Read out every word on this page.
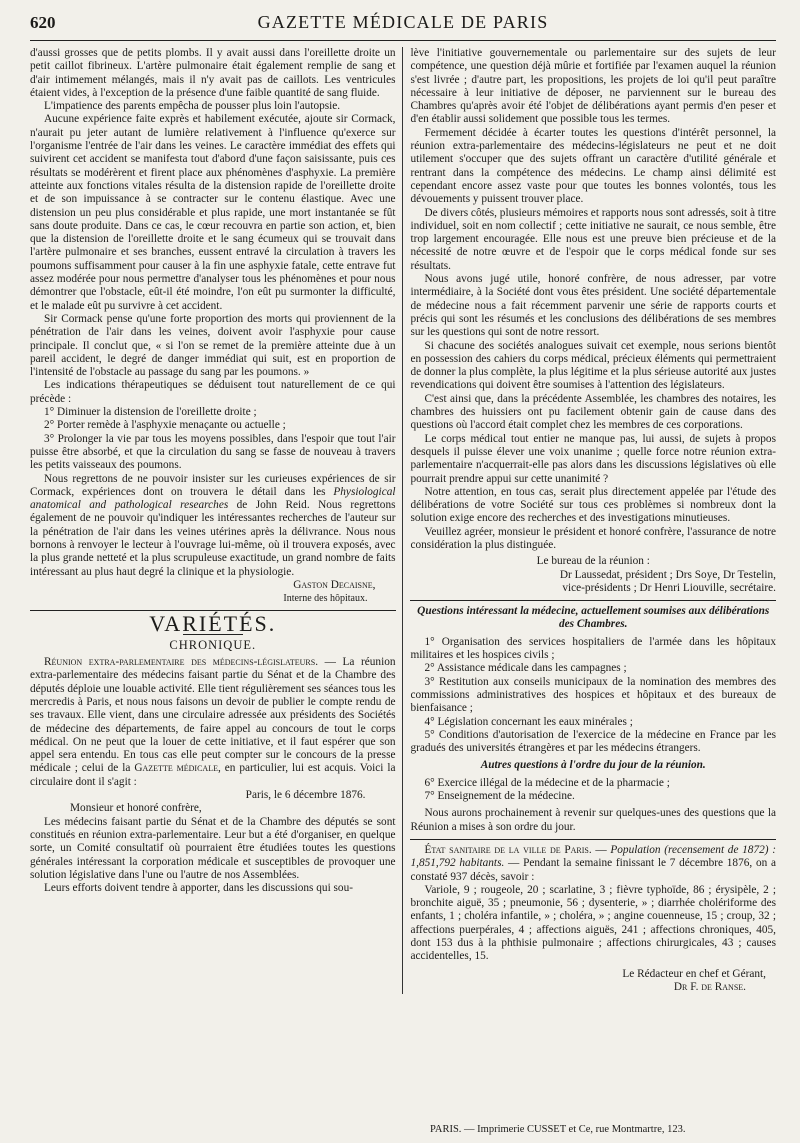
620	GAZETTE MÉDICALE DE PARIS

d'aussi grosses que de petits plombs. Il y avait aussi dans l'oreillette droite un petit caillot fibrineux. L'artère pulmonaire était également remplie de sang et d'air intimement mélangés, mais il n'y avait pas de caillots. Les ventricules étaient vides, à l'exception de la présence d'une faible quantité de sang fluide.

L'impatience des parents empêcha de pousser plus loin l'autopsie.

Aucune expérience faite exprès et habilement exécutée, ajoute sir Cormack, n'aurait pu jeter autant de lumière relativement à l'influence qu'exerce sur l'organisme l'entrée de l'air dans les veines. Le caractère immédiat des effets qui suivirent cet accident se manifesta tout d'abord d'une façon saisissante, puis ces résultats se modérèrent et firent place aux phénomènes d'asphyxie. La première atteinte aux fonctions vitales résulta de la distension rapide de l'oreillette droite et de son impuissance à se contracter sur le contenu élastique. Avec une distension un peu plus considérable et plus rapide, une mort instantanée se fût sans doute produite. Dans ce cas, le cœur recouvra en partie son action, et, bien que la distension de l'oreillette droite et le sang écumeux qui se trouvait dans l'artère pulmonaire et ses branches, eussent entravé la circulation à travers les poumons suffisamment pour causer à la fin une asphyxie fatale, cette entrave fut assez modérée pour nous permettre d'analyser tous les phénomènes et pour nous démontrer que l'obstacle, eût-il été moindre, l'on eût pu surmonter la difficulté, et le malade eût pu survivre à cet accident.

Sir Cormack pense qu'une forte proportion des morts qui proviennent de la pénétration de l'air dans les veines, doivent avoir l'asphyxie pour cause principale. Il conclut que, « si l'on se remet de la première atteinte due à un pareil accident, le degré de danger immédiat qui suit, est en proportion de l'intensité de l'obstacle au passage du sang par les poumons. »

Les indications thérapeutiques se déduisent tout naturellement de ce qui précède :

1° Diminuer la distension de l'oreillette droite ;

2° Porter remède à l'asphyxie menaçante ou actuelle ;

3° Prolonger la vie par tous les moyens possibles, dans l'espoir que tout l'air puisse être absorbé, et que la circulation du sang se fasse de nouveau à travers les petits vaisseaux des poumons.

Nous regrettons de ne pouvoir insister sur les curieuses expériences de sir Cormack, expériences dont on trouvera le détail dans les Physiological anatomical and pathological researches de John Reid. Nous regrettons également de ne pouvoir qu'indiquer les intéressantes recherches de l'auteur sur la pénétration de l'air dans les veines utérines après la délivrance. Nous nous bornons à renvoyer le lecteur à l'ouvrage lui-même, où il trouvera exposés, avec la plus grande netteté et la plus scrupuleuse exactitude, un grand nombre de faits intéressant au plus haut degré la clinique et la physiologie.

Gaston Decaisne,
Interne des hôpitaux.
VARIÉTÉS.
CHRONIQUE.

Réunion extra-parlementaire des médecins-législateurs. — La réunion extra-parlementaire des médecins faisant partie du Sénat et de la Chambre des députés déploie une louable activité. Elle tient régulièrement ses séances tous les mercredis à Paris, et nous nous faisons un devoir de publier le compte rendu de ses travaux. Elle vient, dans une circulaire adressée aux présidents des Sociétés de médecine des départements, de faire appel au concours de tout le corps médical. On ne peut que la louer de cette initiative, et il faut espérer que son appel sera entendu. En tous cas elle peut compter sur le concours de la presse médicale ; celui de la Gazette médicale, en particulier, lui est acquis. Voici la circulaire dont il s'agit :

Paris, le 6 décembre 1876.

Monsieur et honoré confrère,

Les médecins faisant partie du Sénat et de la Chambre des députés se sont constitués en réunion extra-parlementaire. Leur but a été d'organiser, en quelque sorte, un Comité consultatif où pourraient être étudiées toutes les questions générales intéressant la corporation médicale et susceptibles de provoquer une solution législative dans l'une ou l'autre de nos Assemblées.

Leurs efforts doivent tendre à apporter, dans les discussions qui sou-

lève l'initiative gouvernementale ou parlementaire sur des sujets de leur compétence, une question déjà mûrie et fortifiée par l'examen auquel la réunion s'est livrée ; d'autre part, les propositions, les projets de loi qu'il peut paraître nécessaire à leur initiative de déposer, ne parviennent sur le bureau des Chambres qu'après avoir été l'objet de délibérations ayant permis d'en peser et d'en établir aussi solidement que possible tous les termes.

Fermement décidée à écarter toutes les questions d'intérêt personnel, la réunion extra-parlementaire des médecins-législateurs ne peut et ne doit utilement s'occuper que des sujets offrant un caractère d'utilité générale et rentrant dans la compétence des médecins. Le champ ainsi délimité est cependant encore assez vaste pour que toutes les bonnes volontés, tous les dévouements y puissent trouver place.

De divers côtés, plusieurs mémoires et rapports nous sont adressés, soit à titre individuel, soit en nom collectif ; cette initiative ne saurait, ce nous semble, être trop largement encouragée. Elle nous est une preuve bien précieuse et de la nécessité de notre œuvre et de l'espoir que le corps médical fonde sur ses résultats.

Nous avons jugé utile, honoré confrère, de nous adresser, par votre intermédiaire, à la Société dont vous êtes président. Une société départementale de médecine nous a fait récemment parvenir une série de rapports courts et précis qui sont les résumés et les conclusions des délibérations de ses membres sur les questions qui sont de notre ressort.

Si chacune des sociétés analogues suivait cet exemple, nous serions bientôt en possession des cahiers du corps médical, précieux éléments qui permettraient de donner la plus complète, la plus légitime et la plus sérieuse autorité aux justes revendications qui doivent être soumises à l'attention des législateurs.

C'est ainsi que, dans la précédente Assemblée, les chambres des notaires, les chambres des huissiers ont pu facilement obtenir gain de cause dans des questions où l'accord était complet chez les membres de ces corporations.

Le corps médical tout entier ne manque pas, lui aussi, de sujets à propos desquels il puisse élever une voix unanime ; quelle force notre réunion extra-parlementaire n'acquerrait-elle pas alors dans les discussions législatives où elle pourrait prendre appui sur cette unanimité ?

Notre attention, en tous cas, serait plus directement appelée par l'étude des délibérations de votre Société sur tous ces problèmes si nombreux dont la solution exige encore des recherches et des investigations minutieuses.

Veuillez agréer, monsieur le président et honoré confrère, l'assurance de notre considération la plus distinguée.

Le bureau de la réunion :
Dr Laussedat, président ; Drs Soye, Dr Testelin,
vice-présidents ; Dr Henri Liouville, secrétaire.
Questions intéressant la médecine, actuellement soumises aux délibérations des Chambres.

1° Organisation des services hospitaliers de l'armée dans les hôpitaux militaires et les hospices civils ;

2° Assistance médicale dans les campagnes ;

3° Restitution aux conseils municipaux de la nomination des membres des commissions administratives des hospices et hôpitaux et des bureaux de bienfaisance ;

4° Législation concernant les eaux minérales ;

5° Conditions d'autorisation de l'exercice de la médecine en France par les gradués des universités étrangères et par les médecins étrangers.

Autres questions à l'ordre du jour de la réunion.

6° Exercice illégal de la médecine et de la pharmacie ;

7° Enseignement de la médecine.

Nous aurons prochainement à revenir sur quelques-unes des questions que la Réunion a mises à son ordre du jour.

État sanitaire de la ville de Paris. — Population (recensement de 1872) : 1,851,792 habitants. — Pendant la semaine finissant le 7 décembre 1876, on a constaté 937 décès, savoir :

Variole, 9 ; rougeole, 20 ; scarlatine, 3 ; fièvre typhoïde, 86 ; érysipèle, 2 ; bronchite aiguë, 35 ; pneumonie, 56 ; dysenterie, » ; diarrhée cholériforme des enfants, 1 ; choléra infantile, » ; choléra, » ; angine couenneuse, 15 ; croup, 32 ; affections puerpérales, 4 ; affections aiguës, 241 ; affections chroniques, 405, dont 153 dus à la phthisie pulmonaire ; affections chirurgicales, 43 ; causes accidentelles, 15.

Le Rédacteur en chef et Gérant,
Dr F. de Ranse.
PARIS. — Imprimerie CUSSET et Ce, rue Montmartre, 123.
